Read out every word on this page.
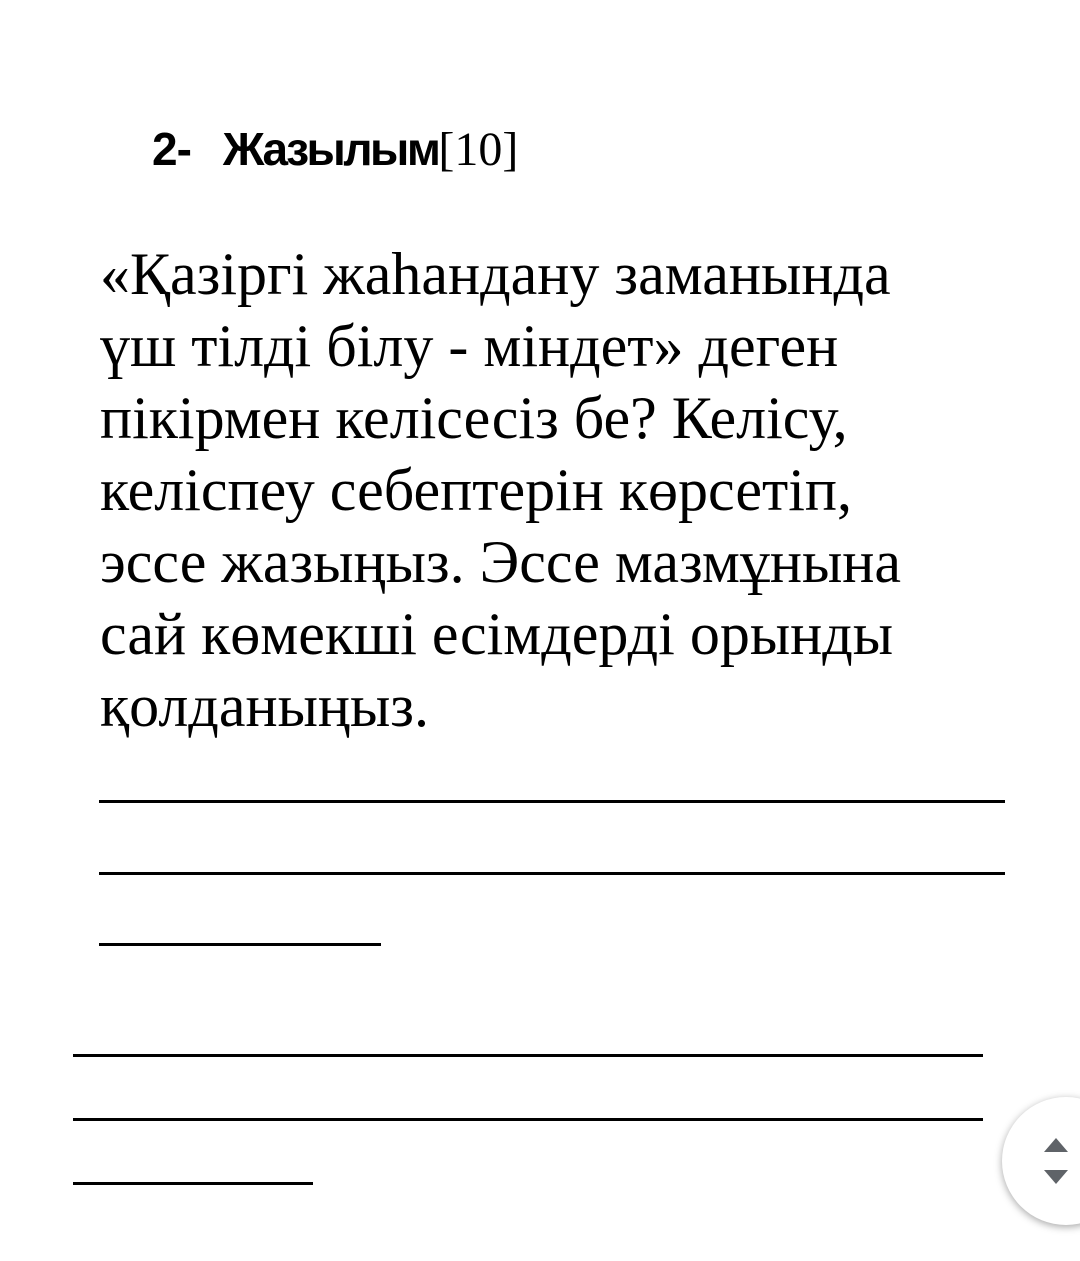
2- Жазылым [10]

«Қазіргі жаһандану заманында
үш тілді білу - міндет» деген
пікірмен келісесіз бе? Келісу,
келіспеу себептерін көрсетіп,
эссе жазыңыз. Эссе мазмұнына
сай көмекші есімдерді орынды
қолданыңыз.
